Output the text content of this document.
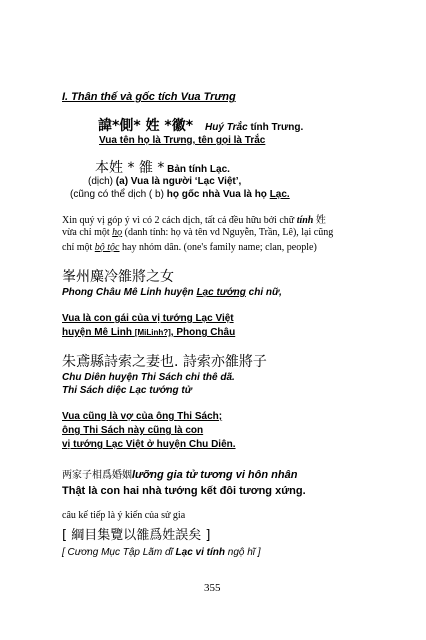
I. Thân thế và gốc tích Vua Trưng
諱*側* 姓 *徽* Huý Trắc tính Trưng.
Vua tên họ là Trưng, tên gọi là Trắc
本姓 * 雒 * Bản tính Lạc.
(dịch) (a) Vua là người ‘Lạc Việt’,
(cũng có thể dịch ( b) họ gốc nhà Vua là họ Lạc.
Xin quý vị góp ý vì có 2 cách dịch, tất cả đều hữu bởi chữ tính 姓
vừa chỉ một họ (danh tính: họ và tên vd Nguyễn, Trần, Lê), lại cũng
chỉ một bộ tộc hay nhóm dân. (one's family name; clan, people)
峯州麋冷雒將之女
Phong Châu Mê Linh huyện Lạc tướng chi nữ,
Vua là con gái của vị tướng Lạc Việt
huyện Mê Linh [MiLinh?], Phong Châu
朱鳶縣詩索之妻也. 詩索亦雒將子
Chu Diên huyện Thi Sách chi thê dã.
Thi Sách diệc Lạc tướng tử
Vua cũng là vợ của ông Thi Sách;
ông Thi Sách này cũng là con
vị tướng Lạc Việt ở huyện Chu Diên.
两家子相爲婚姻lưỡng gia tử tương vi hôn nhân
Thật là con hai nhà tướng kết đôi tương xứng.
câu kế tiếp là ý kiến của sử gia
[ 綱目集覽以雒爲姓誤矣 ]
[ Cương Mục Tập Lãm dĩ Lạc vi tính ngộ hĩ ]
355
